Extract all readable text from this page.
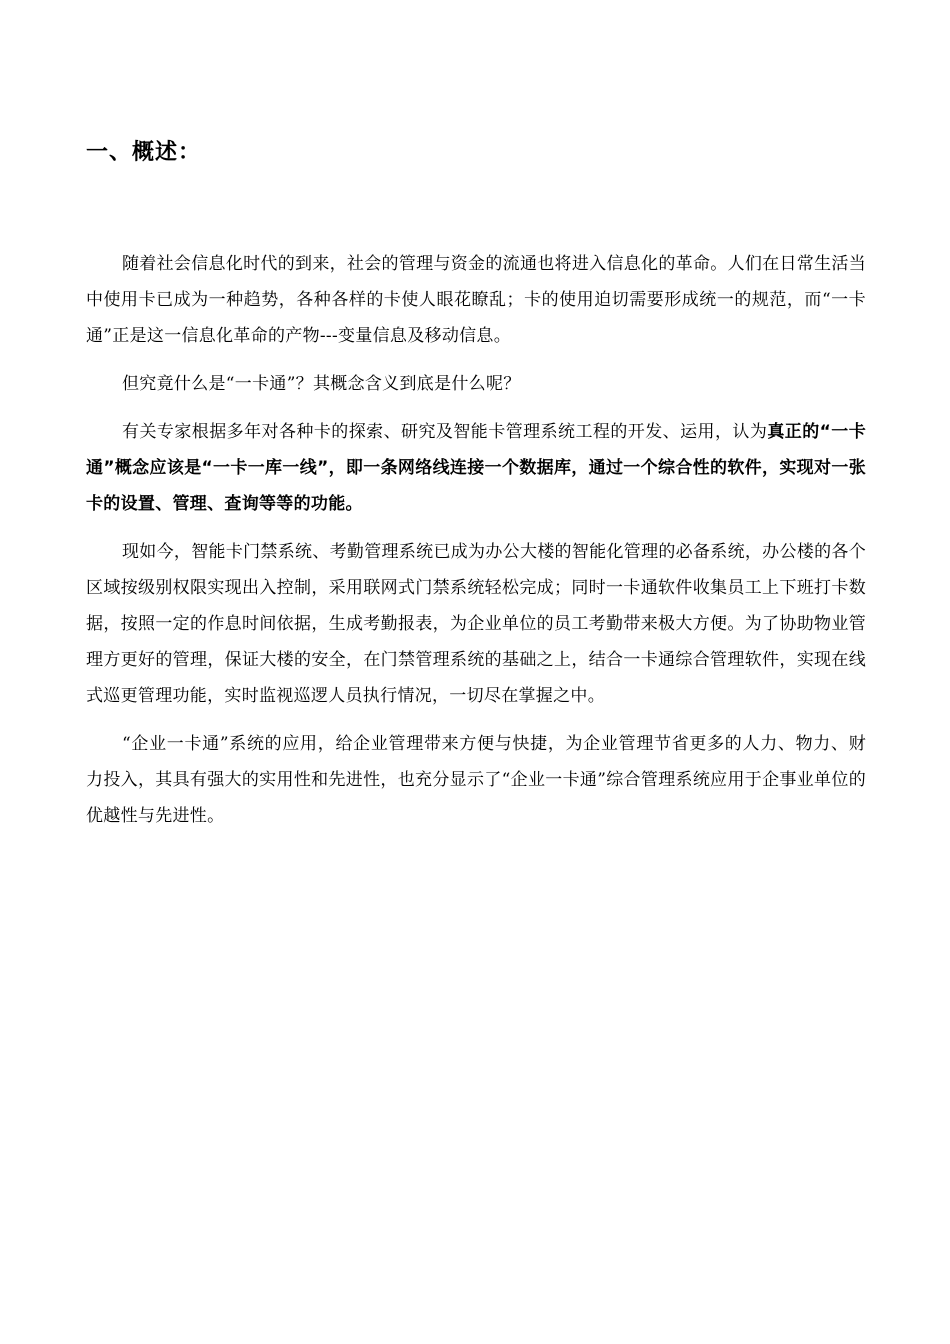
一、概述：

随着社会信息化时代的到来，社会的管理与资金的流通也将进入信息化的革命。人们在日常生活当中使用卡已成为一种趋势，各种各样的卡使人眼花瞭乱；卡的使用迫切需要形成统一的规范，而“一卡通”正是这一信息化革命的产物---变量信息及移动信息。

但究竟什么是“一卡通”？其概念含义到底是什么呢？

有关专家根据多年对各种卡的探索、研究及智能卡管理系统工程的开发、运用，认为真正的“一卡通”概念应该是“一卡一库一线”，即一条网络线连接一个数据库，通过一个综合性的软件，实现对一张卡的设置、管理、查询等等的功能。

现如今，智能卡门禁系统、考勤管理系统已成为办公大楼的智能化管理的必备系统，办公楼的各个区域按级别权限实现出入控制，采用联网式门禁系统轻松完成；同时一卡通软件收集员工上下班打卡数据，按照一定的作息时间依据，生成考勤报表，为企业单位的员工考勤带来极大方便。为了协助物业管理方更好的管理，保证大楼的安全，在门禁管理系统的基础之上，结合一卡通综合管理软件，实现在线式巡更管理功能，实时监视巡逻人员执行情况，一切尽在掌握之中。

“企业一卡通”系统的应用，给企业管理带来方便与快捷，为企业管理节省更多的人力、物力、财力投入，其具有强大的实用性和先进性，也充分显示了“企业一卡通”综合管理系统应用于企事业单位的优越性与先进性。
